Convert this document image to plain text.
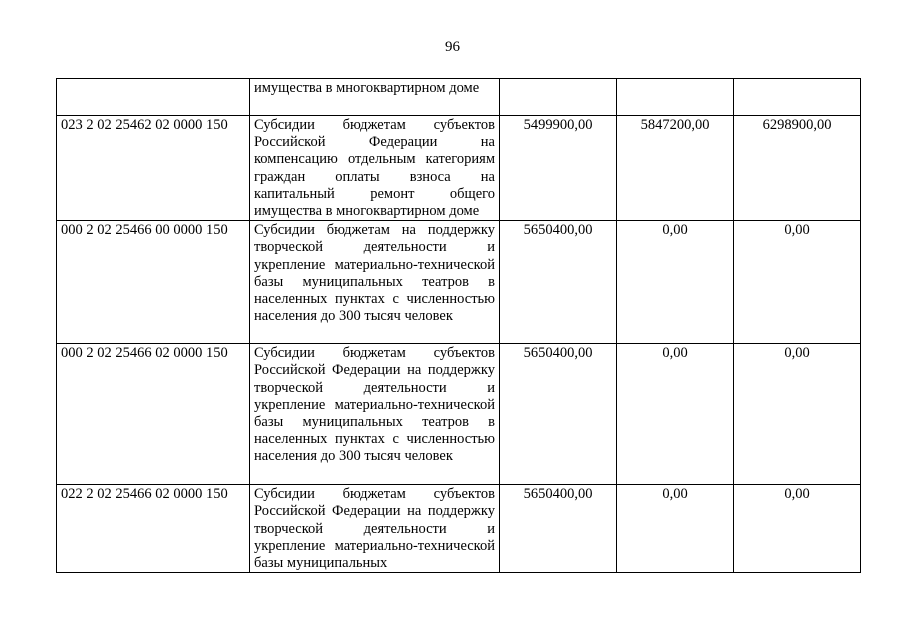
96
	имущества в многоквартирном доме			
023 2 02 25462 02 0000 150	Субсидии бюджетам субъектов Российской Федерации на компенсацию отдельным категориям граждан оплаты взноса на капитальный ремонт общего имущества в многоквартирном доме	5499900,00	5847200,00	6298900,00
000 2 02 25466 00 0000 150	Субсидии бюджетам на поддержку творческой деятельности и укрепление материально-технической базы муниципальных театров в населенных пунктах с численностью населения до 300 тысяч человек	5650400,00	0,00	0,00
000 2 02 25466 02 0000 150	Субсидии бюджетам субъектов Российской Федерации на поддержку творческой деятельности и укрепление материально-технической базы муниципальных театров в населенных пунктах с численностью населения до 300 тысяч человек	5650400,00	0,00	0,00
022 2 02 25466 02 0000 150	Субсидии бюджетам субъектов Российской Федерации на поддержку творческой деятельности и укрепление материально-технической базы муниципальных	5650400,00	0,00	0,00
